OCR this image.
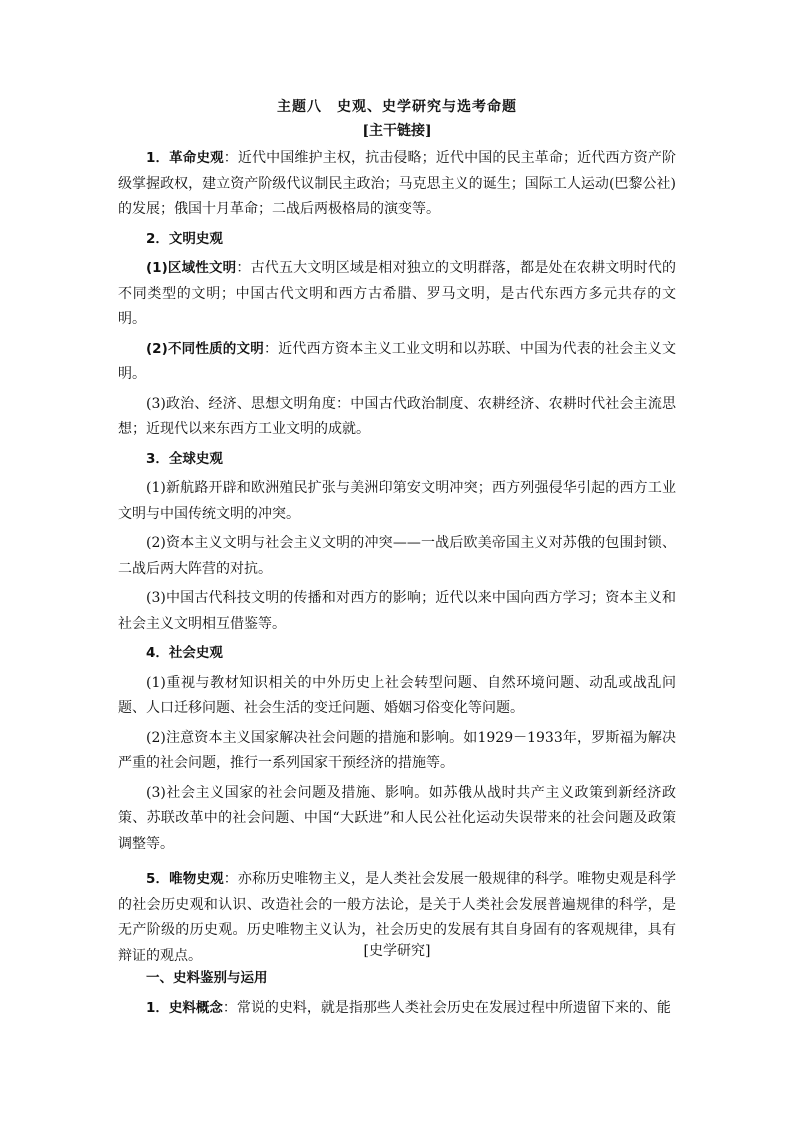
主题八　史观、史学研究与选考命题
[主干链接]

1．革命史观：近代中国维护主权，抗击侵略；近代中国的民主革命；近代西方资产阶级掌握政权，建立资产阶级代议制民主政治；马克思主义的诞生；国际工人运动(巴黎公社)的发展；俄国十月革命；二战后两极格局的演变等。

2．文明史观

(1)区域性文明：古代五大文明区域是相对独立的文明群落，都是处在农耕文明时代的不同类型的文明；中国古代文明和西方古希腊、罗马文明，是古代东西方多元共存的文明。

(2)不同性质的文明：近代西方资本主义工业文明和以苏联、中国为代表的社会主义文明。

(3)政治、经济、思想文明角度：中国古代政治制度、农耕经济、农耕时代社会主流思想；近现代以来东西方工业文明的成就。

3．全球史观

(1)新航路开辟和欧洲殖民扩张与美洲印第安文明冲突；西方列强侵华引起的西方工业文明与中国传统文明的冲突。

(2)资本主义文明与社会主义文明的冲突——一战后欧美帝国主义对苏俄的包围封锁、二战后两大阵营的对抗。

(3)中国古代科技文明的传播和对西方的影响；近代以来中国向西方学习；资本主义和社会主义文明相互借鉴等。

4．社会史观

(1)重视与教材知识相关的中外历史上社会转型问题、自然环境问题、动乱或战乱问题、人口迁移问题、社会生活的变迁问题、婚姻习俗变化等问题。

(2)注意资本主义国家解决社会问题的措施和影响。如1929－1933年，罗斯福为解决严重的社会问题，推行一系列国家干预经济的措施等。

(3)社会主义国家的社会问题及措施、影响。如苏俄从战时共产主义政策到新经济政策、苏联改革中的社会问题、中国“大跃进”和人民公社化运动失误带来的社会问题及政策调整等。

5．唯物史观：亦称历史唯物主义，是人类社会发展一般规律的科学。唯物史观是科学的社会历史观和认识、改造社会的一般方法论，是关于人类社会发展普遍规律的科学，是无产阶级的历史观。历史唯物主义认为，社会历史的发展有其自身固有的客观规律，具有辩证的观点。	[史学研究]

一、史料鉴别与运用

1．史料概念：常说的史料，就是指那些人类社会历史在发展过程中所遗留下来的、能
